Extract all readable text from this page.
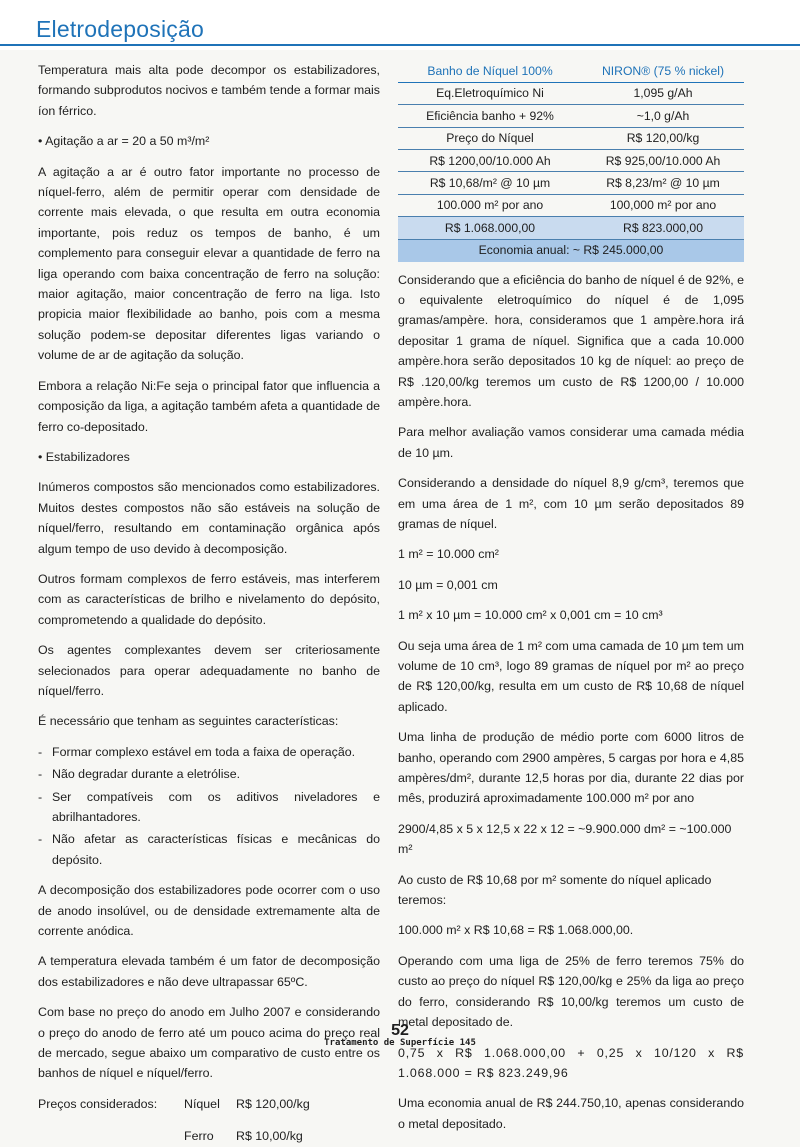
Eletrodeposição

Temperatura mais alta pode decompor os estabilizadores, formando subprodutos nocivos e também tende a formar mais íon férrico.

• Agitação a ar = 20 a 50 m³/m²

A agitação a ar é outro fator importante no processo de níquel-ferro, além de permitir operar com densidade de corrente mais elevada, o que resulta em outra economia importante, pois reduz os tempos de banho, é um complemento para conseguir elevar a quantidade de ferro na liga operando com baixa concentração de ferro na solução: maior agitação, maior concentração de ferro na liga. Isto propicia maior flexibilidade ao banho, pois com a mesma solução podem-se depositar diferentes ligas variando o volume de ar de agitação da solução.

Embora a relação Ni:Fe seja o principal fator que influencia a composição da liga, a agitação também afeta a quantidade de ferro co-depositado.

• Estabilizadores

Inúmeros compostos são mencionados como estabilizadores. Muitos destes compostos não são estáveis na solução de níquel/ferro, resultando em contaminação orgânica após algum tempo de uso devido à decomposição.

Outros formam complexos de ferro estáveis, mas interferem com as características de brilho e nivelamento do depósito, comprometendo a qualidade do depósito.

Os agentes complexantes devem ser criteriosamente selecionados para operar adequadamente no banho de níquel/ferro.

É necessário que tenham as seguintes características:

- Formar complexo estável em toda a faixa de operação.
- Não degradar durante a eletrólise.
- Ser compatíveis com os aditivos niveladores e abrilhantadores.
- Não afetar as características físicas e mecânicas do depósito.

A decomposição dos estabilizadores pode ocorrer com o uso de anodo insolúvel, ou de densidade extremamente alta de corrente anódica.

A temperatura elevada também é um fator de decomposição dos estabilizadores e não deve ultrapassar 65ºC.

Com base no preço do anodo em Julho 2007 e considerando o preço do anodo de ferro até um pouco acima do preço real de mercado, segue abaixo um comparativo de custo entre os banhos de níquel e níquel/ferro.

Preços considerados:	Níquel	R$ 120,00/kg
Ferro	R$ 10,00/kg
Banho de Níquel 100%	NIRON® (75 % nickel)
Eq.Eletroquímico Ni	1,095 g/Ah
Eficiência banho + 92%	~1,0 g/Ah
Preço do Níquel	R$ 120,00/kg
R$ 1200,00/10.000 Ah	R$ 925,00/10.000 Ah
R$ 10,68/m² @ 10 µm	R$ 8,23/m² @ 10 µm
100.000 m² por ano	100,000 m² por ano
R$ 1.068.000,00	R$ 823.000,00
Economia anual: ~ R$ 245.000,00	

Considerando que a eficiência do banho de níquel é de 92%, e o equivalente eletroquímico do níquel é de 1,095 gramas/ampère. hora, consideramos que 1 ampère.hora irá depositar 1 grama de níquel. Significa que a cada 10.000 ampère.hora serão depositados 10 kg de níquel: ao preço de R$ .120,00/kg teremos um custo de R$ 1200,00 / 10.000 ampère.hora.

Para melhor avaliação vamos considerar uma camada média de 10 µm.

Considerando a densidade do níquel 8,9 g/cm³, teremos que em uma área de 1 m², com 10 µm serão depositados 89 gramas de níquel.

1 m² = 10.000 cm²

10 µm = 0,001 cm

1 m² x 10 µm = 10.000 cm² x 0,001 cm = 10 cm³

Ou seja uma área de 1 m² com uma camada de 10 µm tem um volume de 10 cm³, logo 89 gramas de níquel por m² ao preço de R$ 120,00/kg, resulta em um custo de R$ 10,68 de níquel aplicado.

Uma linha de produção de médio porte com 6000 litros de banho, operando com 2900 ampères, 5 cargas por hora e 4,85 ampères/dm², durante 12,5 horas por dia, durante 22 dias por mês, produzirá aproximadamente 100.000 m² por ano

2900/4,85 x 5 x 12,5 x 22 x 12 = ~9.900.000 dm² = ~100.000 m²

Ao custo de R$ 10,68 por m² somente do níquel aplicado teremos:

100.000 m² x R$ 10,68 = R$ 1.068.000,00.

Operando com uma liga de 25% de ferro teremos 75% do custo ao preço do níquel R$ 120,00/kg e 25% da liga ao preço do ferro, considerando R$ 10,00/kg teremos um custo de metal depositado de.

0,75 x R$ 1.068.000,00 + 0,25 x 10/120 x R$ 1.068.000 = R$ 823.249,96

Uma economia anual de R$ 244.750,10, apenas considerando o metal depositado.

52
Tratamento de Superfície 145
